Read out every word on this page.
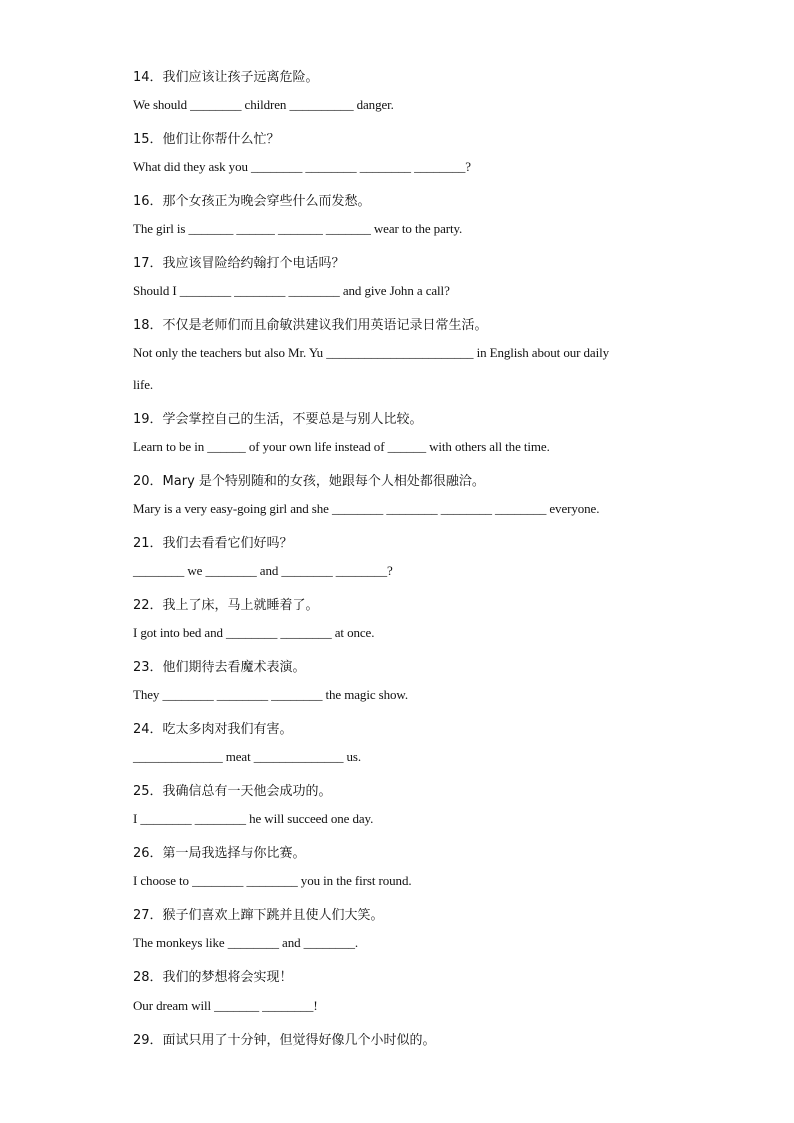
14．我们应该让孩子远离危险。
We should ________ children __________ danger.
15．他们让你帮什么忙？
What did they ask you ________ ________ ________ ________?
16．那个女孩正为晚会穿些什么而发愁。
The girl is _______ ______ _______ _______ wear to the party.
17．我应该冒险给约翰打个电话吗？
Should I ________ ________ ________ and give John a call?
18．不仅是老师们而且俞敏洪建议我们用英语记录日常生活。
Not only the teachers but also Mr. Yu _______________________ in English about our daily
life.
19．学会掌控自己的生活，不要总是与别人比较。
Learn to be in ______ of your own life instead of ______ with others all the time.
20．Mary 是个特别随和的女孩，她跟每个人相处都很融洽。
Mary is a very easy-going girl and she ________ ________ ________ ________ everyone.
21．我们去看看它们好吗？
________ we ________ and ________ ________?
22．我上了床，马上就睡着了。
I got into bed and ________ ________ at once.
23．他们期待去看魔术表演。
They ________ ________ ________ the magic show.
24．吃太多肉对我们有害。
______________ meat ______________ us.
25．我确信总有一天他会成功的。
I ________ ________ he will succeed one day.
26．第一局我选择与你比赛。
I choose to ________ ________ you in the first round.
27．猴子们喜欢上蹿下跳并且使人们大笑。
The monkeys like ________ and ________.
28．我们的梦想将会实现！
Our dream will _______ ________!
29．面试只用了十分钟，但觉得好像几个小时似的。
